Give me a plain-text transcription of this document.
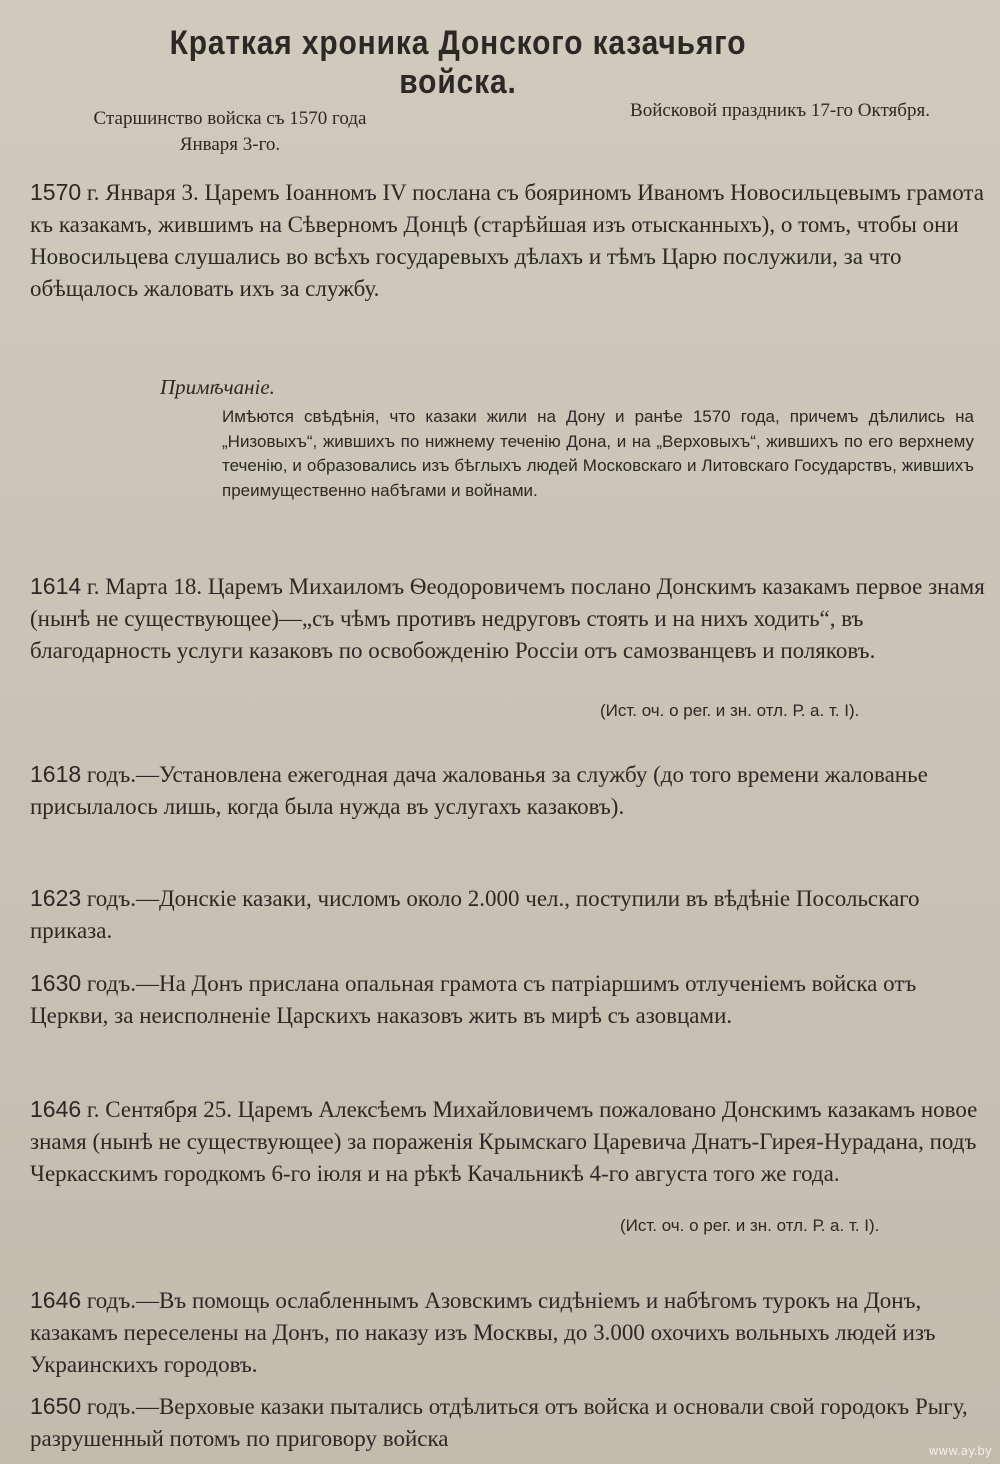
Краткая хроника Донского казачьяго войска.
Старшинство войска съ 1570 года Января 3-го.
Войсковой праздникъ 17-го Октября.
1570 г. Января 3. Царемъ Іоанномъ IV послана съ бояриномъ Иваномъ Новосильцевымъ грамота къ казакамъ, жившимъ на Сѣверномъ Донцѣ (старѣйшая изъ отысканныхъ), о томъ, чтобы они Новосильцева слушались во всѣхъ государевыхъ дѣлахъ и тѣмъ Царю послужили, за что обѣщалось жаловать ихъ за службу.
Примѣчаніе.
Имѣются свѣдѣнія, что казаки жили на Дону и ранѣе 1570 года, причемъ дѣлились на „Низовыхъ“, жившихъ по нижнему теченію Дона, и на „Верховыхъ“, жившихъ по его верхнему теченію, и образовались изъ бѣглыхъ людей Московскаго и Литовскаго Государствъ, жившихъ преимущественно набѣгами и войнами.
1614 г. Марта 18. Царемъ Михаиломъ Ѳеодоровичемъ послано Донскимъ казакамъ первое знамя (нынѣ не существующее)—„съ чѣмъ противъ недруговъ стоять и на нихъ ходить“, въ благодарность услуги казаковъ по освобожденію Россіи отъ самозванцевъ и поляковъ.
(Ист. оч. о рег. и зн. отл. Р. а. т. I).
1618 годъ.—Установлена ежегодная дача жалованья за службу (до того времени жалованье присылалось лишь, когда была нужда въ услугахъ казаковъ).
1623 годъ.—Донскіе казаки, числомъ около 2.000 чел., поступили въ вѣдѣніе Посольскаго приказа.
1630 годъ.—На Донъ прислана опальная грамота съ патріаршимъ отлученіемъ войска отъ Церкви, за неисполненіе Царскихъ наказовъ жить въ мирѣ съ азовцами.
1646 г. Сентября 25. Царемъ Алексѣемъ Михайловичемъ пожаловано Донскимъ казакамъ новое знамя (нынѣ не существующее) за пораженія Крымскаго Царевича Днатъ-Гирея-Нурадана, подъ Черкасскимъ городкомъ 6-го іюля и на рѣкѣ Качальникѣ 4-го августа того же года.
(Ист. оч. о рег. и зн. отл. Р. а. т. I).
1646 годъ.—Въ помощь ослабленнымъ Азовскимъ сидѣніемъ и набѣгомъ турокъ на Донъ, казакамъ переселены на Донъ, по наказу изъ Москвы, до 3.000 охочихъ вольныхъ людей изъ Украинскихъ городовъ.
1650 годъ.—Верховые казаки пытались отдѣлиться отъ войска и основали свой городокъ Рыгу, разрушенный потомъ по приговору войска	www.ay.by
